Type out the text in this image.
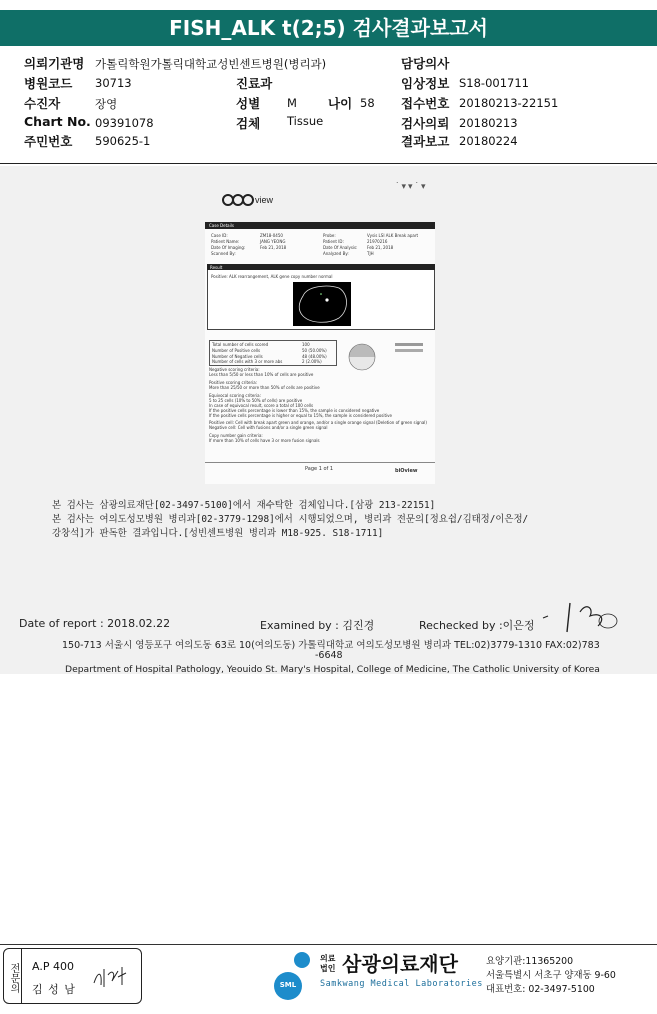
FISH_ALK t(2;5) 검사결과보고서
의뢰기관명 가톨릭학원가톨릭대학교성빈센트병원(병리과)	담당의사
병원코드 30713	진료과	임상정보 S18-001711
수진자	장영	성별 M 나이 58 접수번호 20180213-22151
Chart No. 09391078	검체 Tissue	검사의뢰 20180213
주민번호 590625-1	결과보고 20180224
˙▾▾˙▾
view
Case Details
Case ID:	ZM18-0450	Probe:	Vysis LSI ALK Break apart
Patient Name:	JANG YEONG	Patient ID:	21970216
Date Of Imaging:	Feb 21, 2018	Date Of Analysis: Feb 21, 2018
Scanned By:	Analyzed By:	TJH
Result
Positive: ALK rearrangement, ALK gene copy number normal
Total number of cells scored	100
Number of Positive cells	50 (50.00%)
Number of Negative cells	48 (48.00%)
Number of cells with 3 or more abs	2 (2.00%)
Negative scoring criteria:
Less than 5/50 or less than 10% of cells are positive
Positive scoring criteria:
More than 25/50 or more than 50% of cells are positive
Equivocal scoring criteria:
5 to 25 cells (10% to 50% of cells) are positive
In case of equivocal result, score a total of 100 cells
If the positive cells percentage is lower than 15%, the sample is considered negative
If the positive cells percentage is higher or equal to 15%, the sample is considered positive
Positive cell: Cell with break apart green and orange, and/or a single orange signal (Deletion of green signal)
Negative cell: Cell with fusions and/or a single green signal
Copy number gain criteria:
If more than 10% of cells have 3 or more fusion signals
Page 1 of 1	biOview
본 검사는 삼광의료재단[02-3497-5100]에서 재수탁한 검체입니다.[삼광 213-22151]
본 검사는 여의도성모병원 병리과[02-3779-1298]에서 시행되었으며, 병리과 전문의[정요쉽/김태정/이은정/
강창석]가 판독한 결과입니다.[성빈센트병원 병리과 M18-925. S18-1711]
Date of report : 2018.02.22	Examined by : 김진경	Rechecked by :이은정
150-713 서울시 영등포구 여의도동 63로 10(여의도동) 가톨릭대학교 여의도성모병원 병리과 TEL:02)3779-1310 FAX:02)783
-6648
Department of Hospital Pathology, Yeouido St. Mary's Hospital, College of Medicine, The Catholic University of Korea
전문의 A.P 400
김 성 남	SML
의료
법인 삼광의료재단
Samkwang Medical Laboratories
요양기관:11365200
서울특별시 서초구 양재동 9-60
대표번호: 02-3497-5100
